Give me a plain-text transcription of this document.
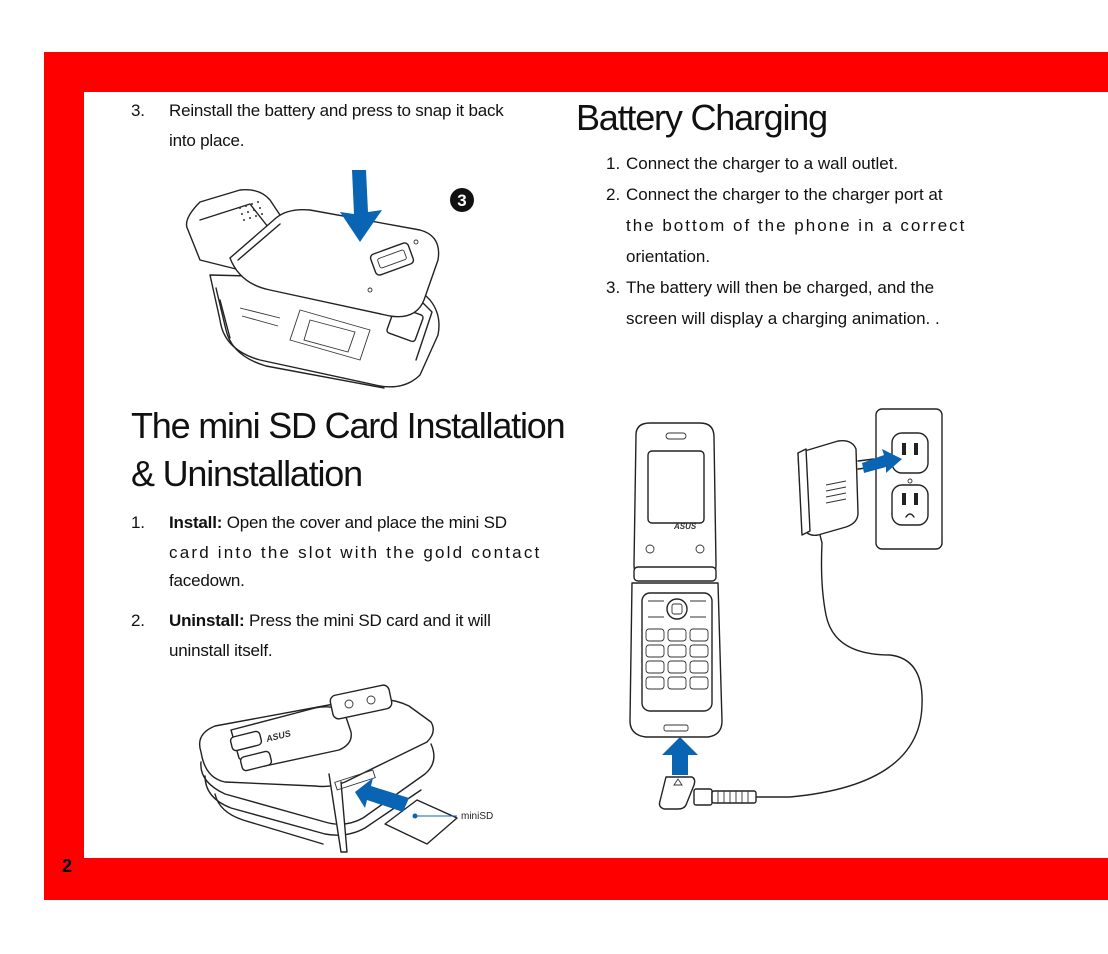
2
3. Reinstall the battery and press to snap it back
into place.
3
The mini SD Card Installation
& Uninstallation
1. Install: Open the cover and place the mini SD
card into the slot with the gold contact
facedown.
2. Uninstall: Press the mini SD card and it will
uninstall itself.
ASUS
miniSD
Battery Charging
1. Connect the charger to a wall outlet.
2. Connect the charger to the charger port at
the bottom of the phone in a correct
orientation.
3. The battery will then be charged, and the
screen will display a charging animation. .
ASUS
